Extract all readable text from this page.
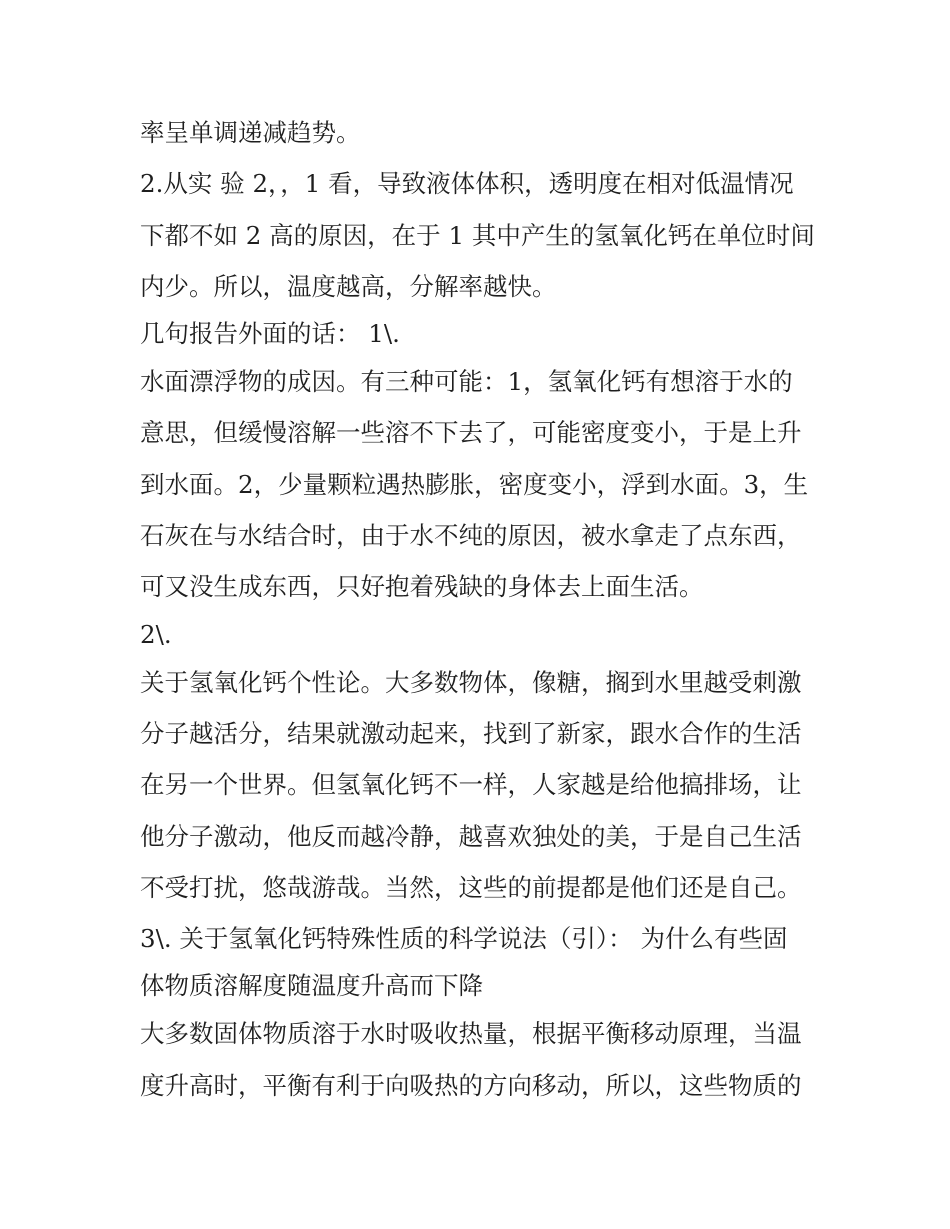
率呈单调递减趋势。
2.从实 验 2，，1 看，导致液体体积，透明度在相对低温情况
下都不如 2 高的原因，在于 1 其中产生的氢氧化钙在单位时间
内少。所以，温度越高，分解率越快。
几句报告外面的话： 1\.
水面漂浮物的成因。有三种可能：1，氢氧化钙有想溶于水的
意思，但缓慢溶解一些溶不下去了，可能密度变小，于是上升
到水面。2，少量颗粒遇热膨胀，密度变小，浮到水面。3，生
石灰在与水结合时，由于水不纯的原因，被水拿走了点东西，
可又没生成东西，只好抱着残缺的身体去上面生活。
2\.
关于氢氧化钙个性论。大多数物体，像糖，搁到水里越受刺激
分子越活分，结果就激动起来，找到了新家，跟水合作的生活
在另一个世界。但氢氧化钙不一样，人家越是给他搞排场，让
他分子激动，他反而越冷静，越喜欢独处的美，于是自己生活
不受打扰，悠哉游哉。当然，这些的前提都是他们还是自己。
3\. 关于氢氧化钙特殊性质的科学说法（引）： 为什么有些固
体物质溶解度随温度升高而下降
大多数固体物质溶于水时吸收热量，根据平衡移动原理，当温
度升高时，平衡有利于向吸热的方向移动，所以，这些物质的
